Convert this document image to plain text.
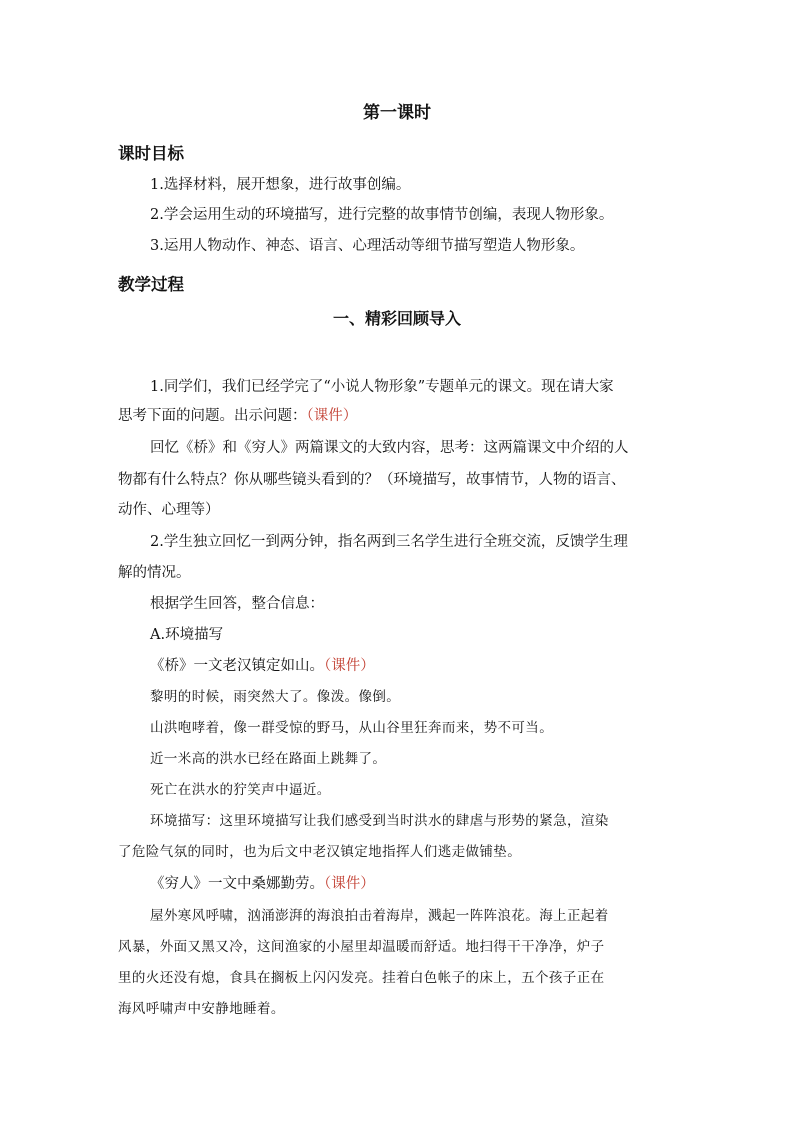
第一课时
课时目标
1.选择材料，展开想象，进行故事创编。
2.学会运用生动的环境描写，进行完整的故事情节创编，表现人物形象。
3.运用人物动作、神态、语言、心理活动等细节描写塑造人物形象。
教学过程
一、精彩回顾导入
1.同学们，我们已经学完了“小说人物形象”专题单元的课文。现在请大家
思考下面的问题。出示问题：（课件）
回忆《桥》和《穷人》两篇课文的大致内容，思考：这两篇课文中介绍的人
物都有什么特点？你从哪些镜头看到的？（环境描写，故事情节，人物的语言、
动作、心理等）
2.学生独立回忆一到两分钟，指名两到三名学生进行全班交流，反馈学生理
解的情况。
根据学生回答，整合信息：
A.环境描写
《桥》一文老汉镇定如山。（课件）
黎明的时候，雨突然大了。像泼。像倒。
山洪咆哮着，像一群受惊的野马，从山谷里狂奔而来，势不可当。
近一米高的洪水已经在路面上跳舞了。
死亡在洪水的狞笑声中逼近。
环境描写：这里环境描写让我们感受到当时洪水的肆虐与形势的紧急，渲染
了危险气氛的同时，也为后文中老汉镇定地指挥人们逃走做铺垫。
《穷人》一文中桑娜勤劳。（课件）
屋外寒风呼啸，汹涌澎湃的海浪拍击着海岸，溅起一阵阵浪花。海上正起着
风暴，外面又黑又冷，这间渔家的小屋里却温暖而舒适。地扫得干干净净，炉子
里的火还没有熄，食具在搁板上闪闪发亮。挂着白色帐子的床上，五个孩子正在
海风呼啸声中安静地睡着。
